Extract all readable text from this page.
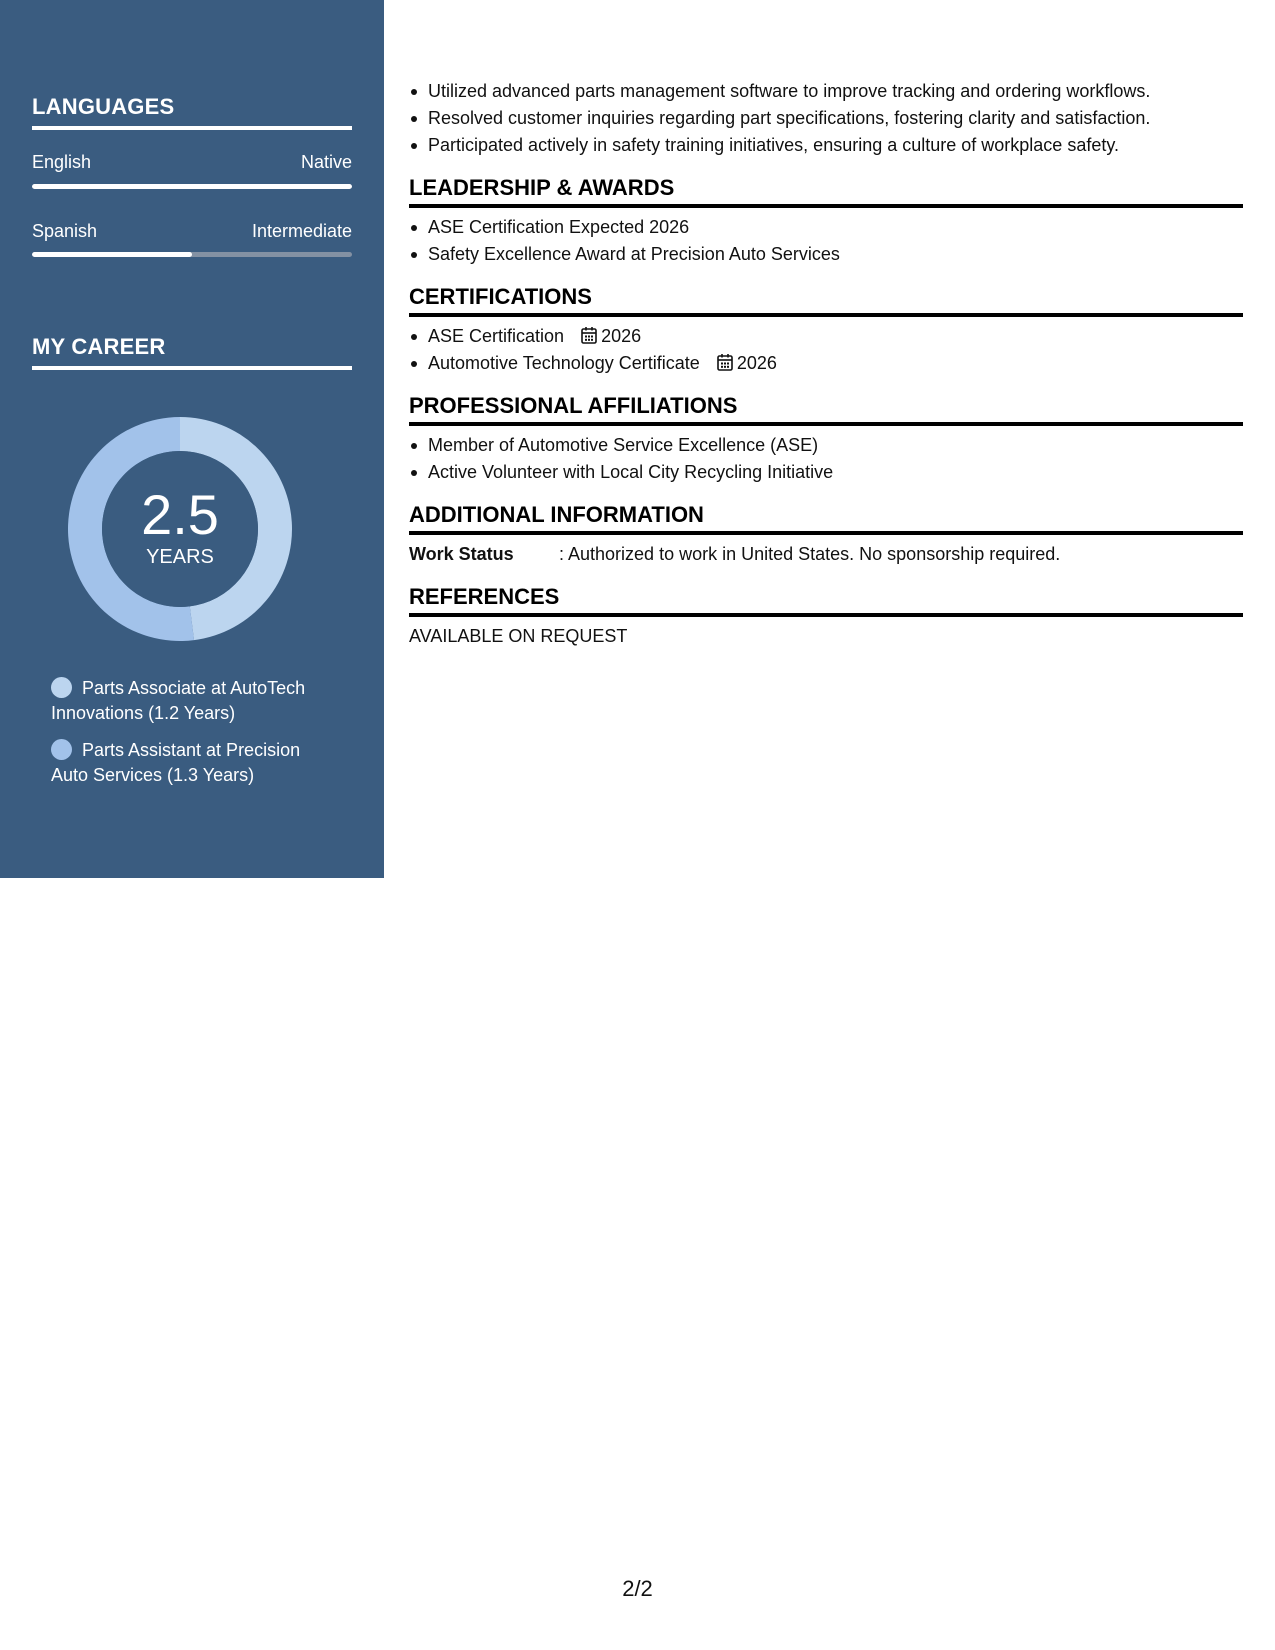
LANGUAGES
English	Native
Spanish	Intermediate
MY CAREER
2.5
YEARS
Parts Associate at AutoTech Innovations (1.2 Years)
Parts Assistant at Precision Auto Services (1.3 Years)
Utilized advanced parts management software to improve tracking and ordering workflows.
Resolved customer inquiries regarding part specifications, fostering clarity and satisfaction.
Participated actively in safety training initiatives, ensuring a culture of workplace safety.
LEADERSHIP & AWARDS
ASE Certification Expected 2026
Safety Excellence Award at Precision Auto Services
CERTIFICATIONS
ASE Certification 2026
Automotive Technology Certificate 2026
PROFESSIONAL AFFILIATIONS
Member of Automotive Service Excellence (ASE)
Active Volunteer with Local City Recycling Initiative
ADDITIONAL INFORMATION
Work Status	: Authorized to work in United States. No sponsorship required.
REFERENCES
AVAILABLE ON REQUEST
2/2
